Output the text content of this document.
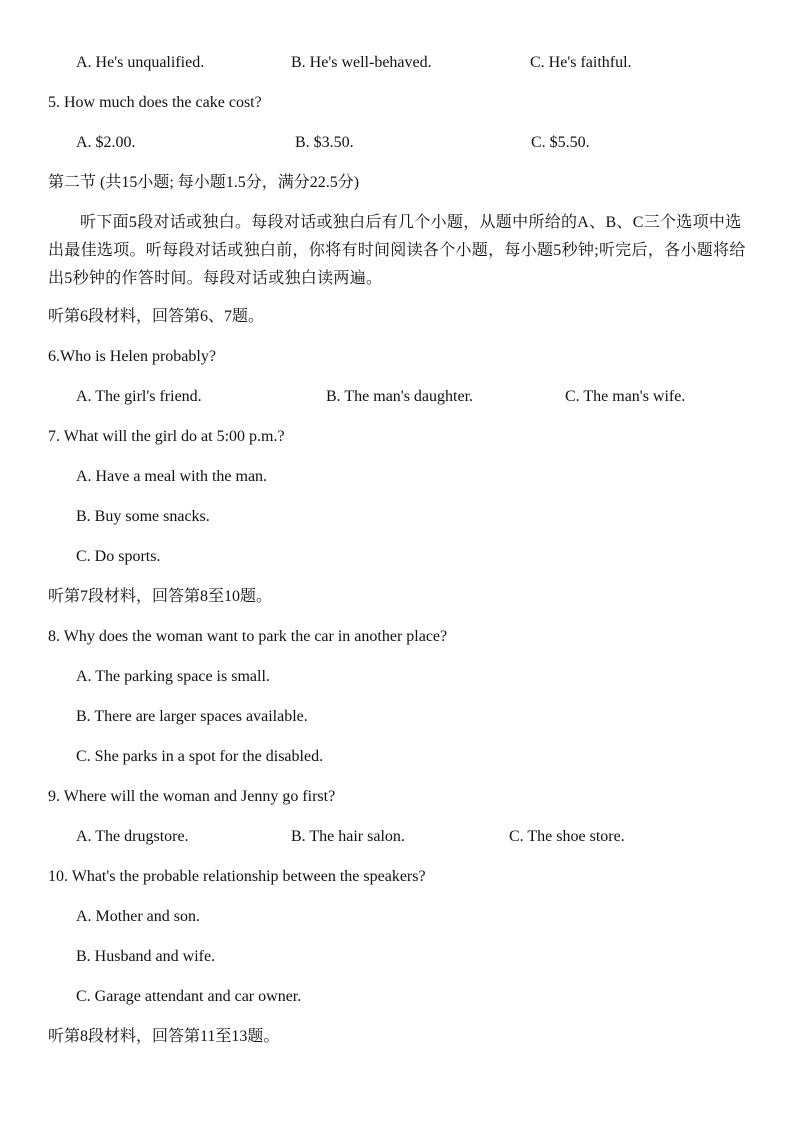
A. He's unqualified.	B. He's well-behaved.	C. He's faithful.
5. How much does the cake cost?
A. $2.00.	B. $3.50.	C. $5.50.
第二节 (共15小题; 每小题1.5分，满分22.5分)
听下面5段对话或独白。每段对话或独白后有几个小题，从题中所给的A、B、C三个选项中选出最佳选项。听每段对话或独白前，你将有时间阅读各个小题，每小题5秒钟;听完后，各小题将给出5秒钟的作答时间。每段对话或独白读两遍。
听第6段材料，回答第6、7题。
6.Who is Helen probably?
A. The girl's friend.	B. The man's daughter.	C. The man's wife.
7. What will the girl do at 5:00 p.m.?
A. Have a meal with the man.
B. Buy some snacks.
C. Do sports.
听第7段材料，回答第8至10题。
8. Why does the woman want to park the car in another place?
A. The parking space is small.
B. There are larger spaces available.
C. She parks in a spot for the disabled.
9. Where will the woman and Jenny go first?
A. The drugstore.	B. The hair salon.	C. The shoe store.
10. What's the probable relationship between the speakers?
A. Mother and son.
B. Husband and wife.
C. Garage attendant and car owner.
听第8段材料，回答第11至13题。
